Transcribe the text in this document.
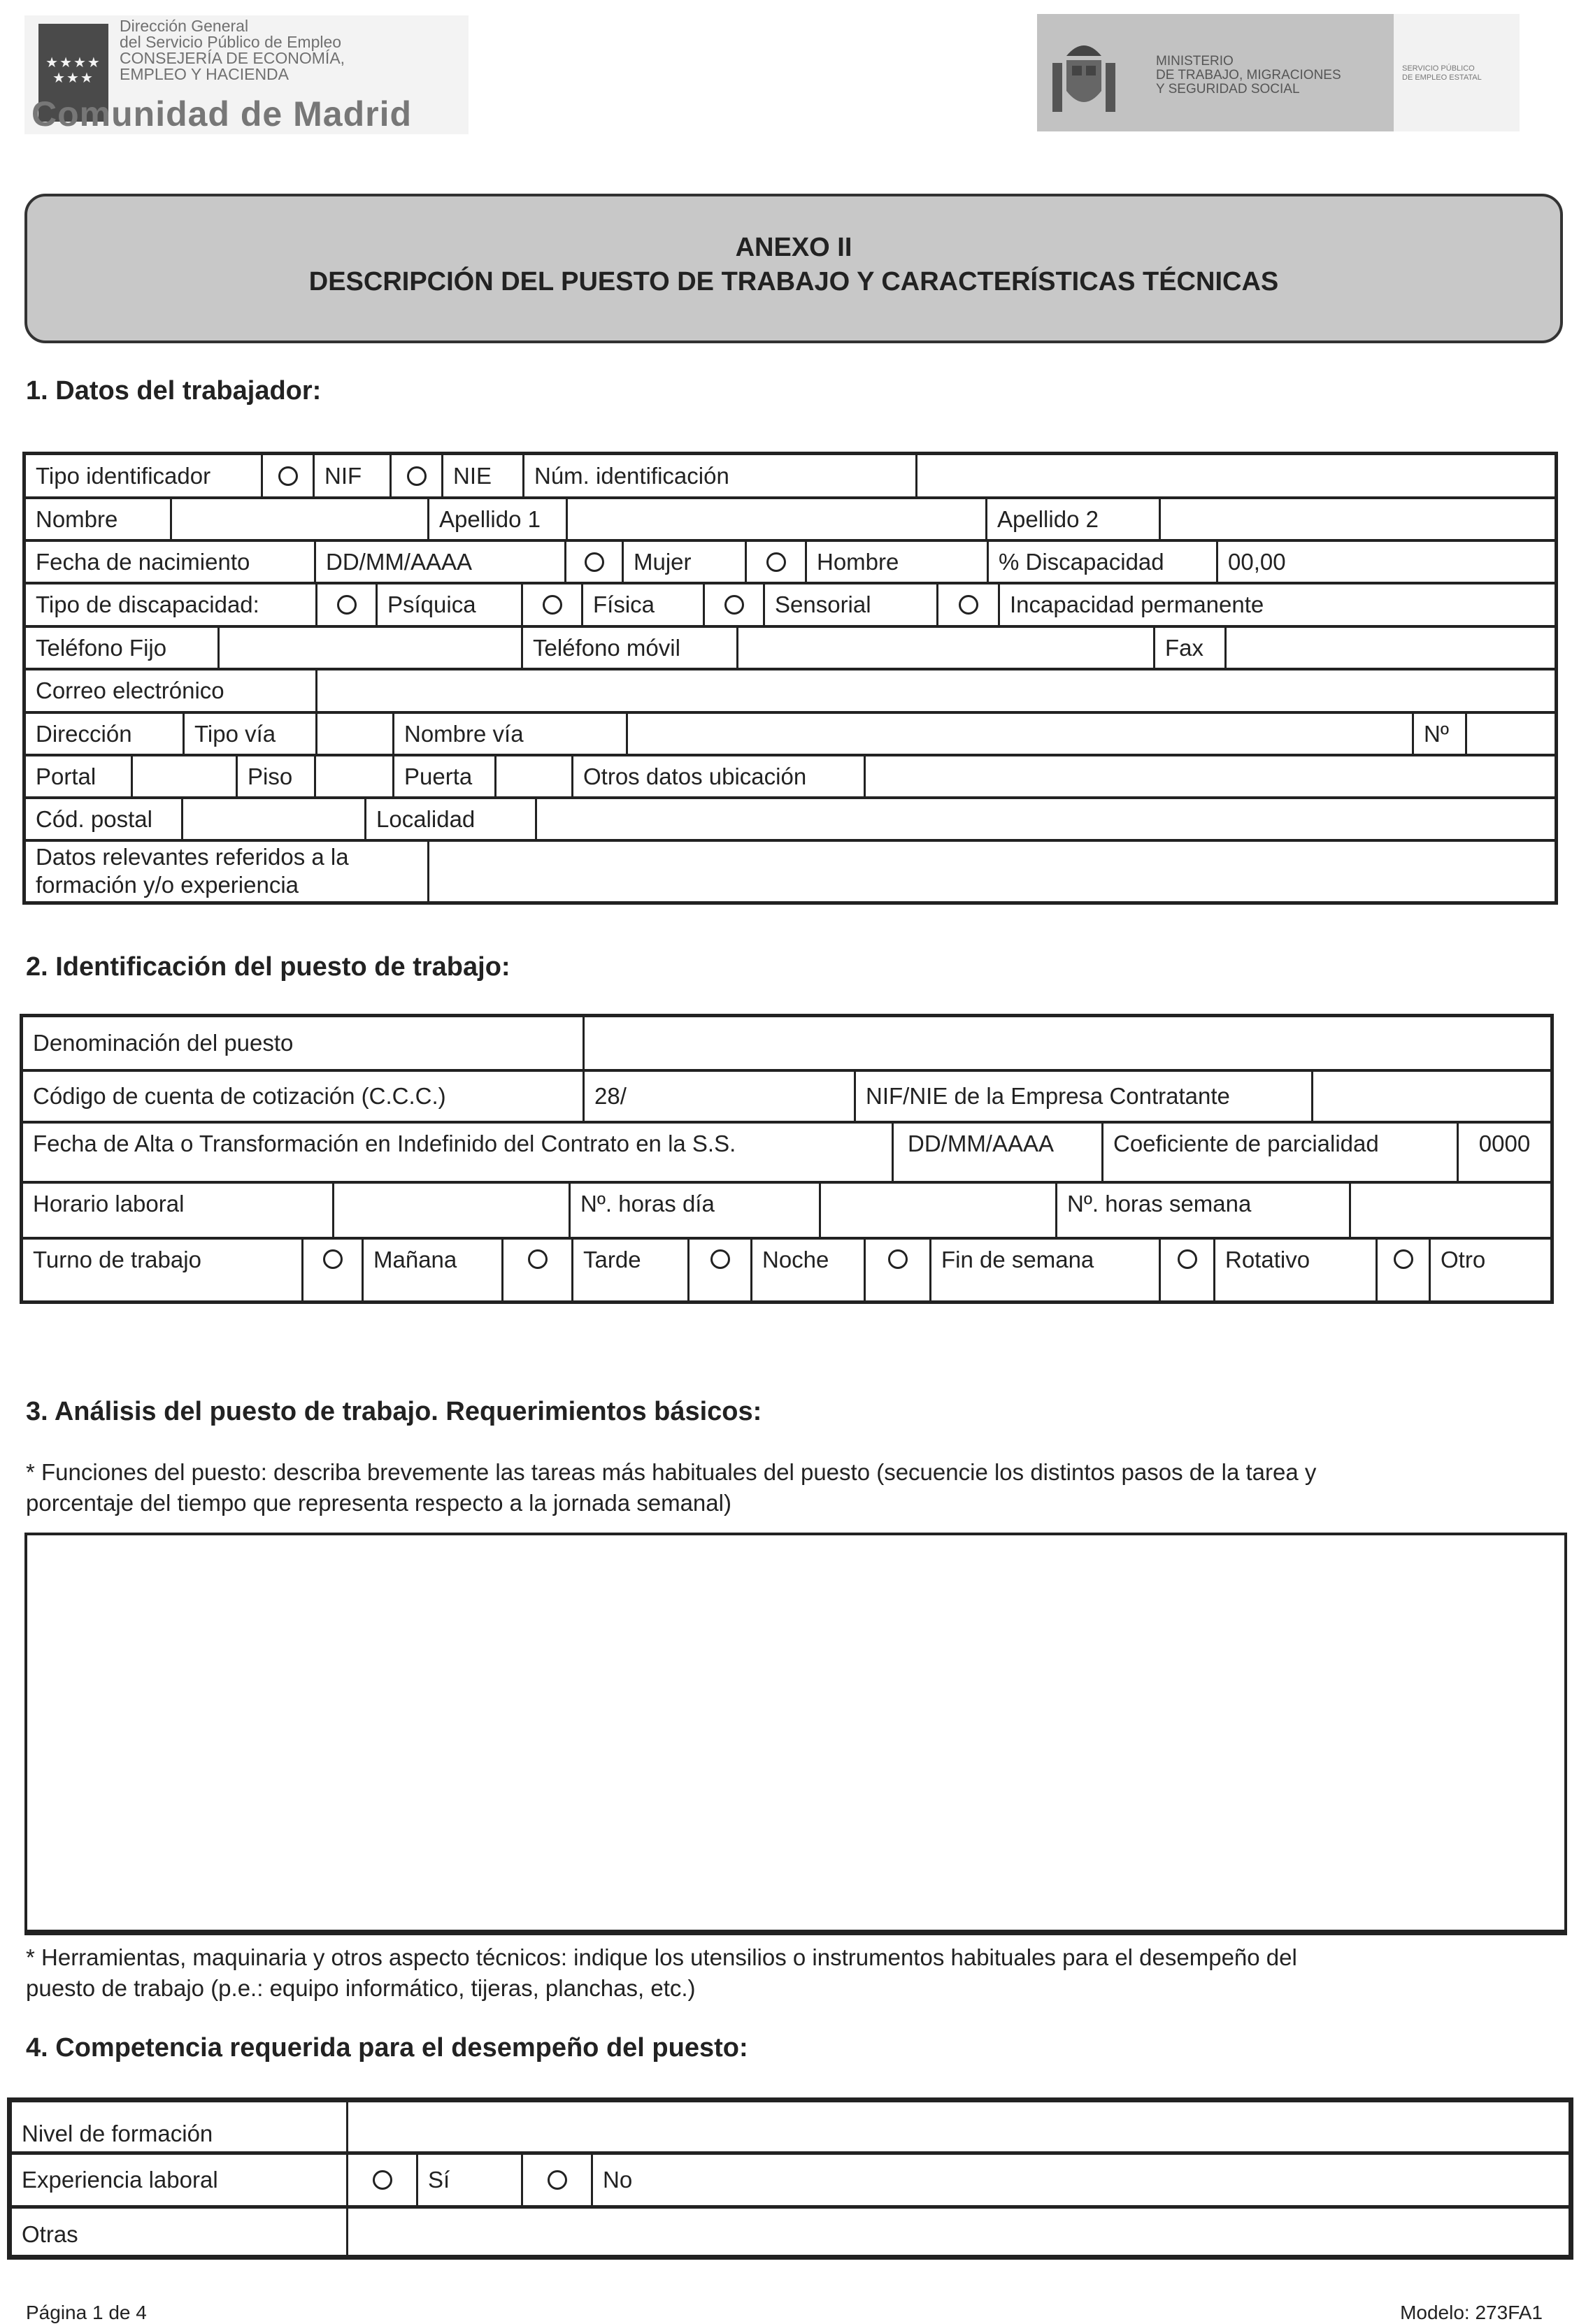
★★★★
★★★
Dirección General
del Servicio Público de Empleo
CONSEJERÍA DE ECONOMÍA,
EMPLEO Y HACIENDA
Comunidad de Madrid
MINISTERIO
DE TRABAJO, MIGRACIONES
Y SEGURIDAD SOCIAL
SERVICIO PÚBLICO
DE EMPLEO ESTATAL
ANEXO II
DESCRIPCIÓN DEL PUESTO DE TRABAJO Y CARACTERÍSTICAS TÉCNICAS
1. Datos del trabajador:
Tipo identificador	NIF	NIE	Núm. identificación
Nombre	Apellido 1	Apellido 2
Fecha de nacimiento	DD/MM/AAAA	Mujer	Hombre	% Discapacidad	00,00
Tipo de discapacidad:	Psíquica	Física	Sensorial	Incapacidad permanente
Teléfono Fijo	Teléfono móvil	Fax
Correo electrónico
Dirección	Tipo vía	Nombre vía	Nº
Portal	Piso	Puerta	Otros datos ubicación
Cód. postal	Localidad
Datos relevantes referidos a la
formación y/o experiencia
2. Identificación del puesto de trabajo:
Denominación del puesto
Código de cuenta de cotización (C.C.C.)	28/	NIF/NIE de la Empresa Contratante
Fecha de Alta o Transformación en Indefinido del Contrato en la S.S.	DD/MM/AAAA	Coeficiente de parcialidad	0000
Horario laboral	Nº. horas día	Nº. horas semana
Turno de trabajo	Mañana	Tarde	Noche	Fin de semana	Rotativo	Otro
3. Análisis del puesto de trabajo. Requerimientos básicos:
* Funciones del puesto: describa brevemente las tareas más habituales del puesto (secuencie los distintos pasos de la tarea y
porcentaje del tiempo que representa respecto a la jornada semanal)
* Herramientas, maquinaria y otros aspecto técnicos: indique los utensilios o instrumentos habituales para el desempeño del
puesto de trabajo (p.e.: equipo informático, tijeras, planchas, etc.)
4. Competencia requerida para el desempeño del puesto:
Nivel de formación
Experiencia laboral	Sí	No
Otras
Página 1 de 4	Modelo: 273FA1
